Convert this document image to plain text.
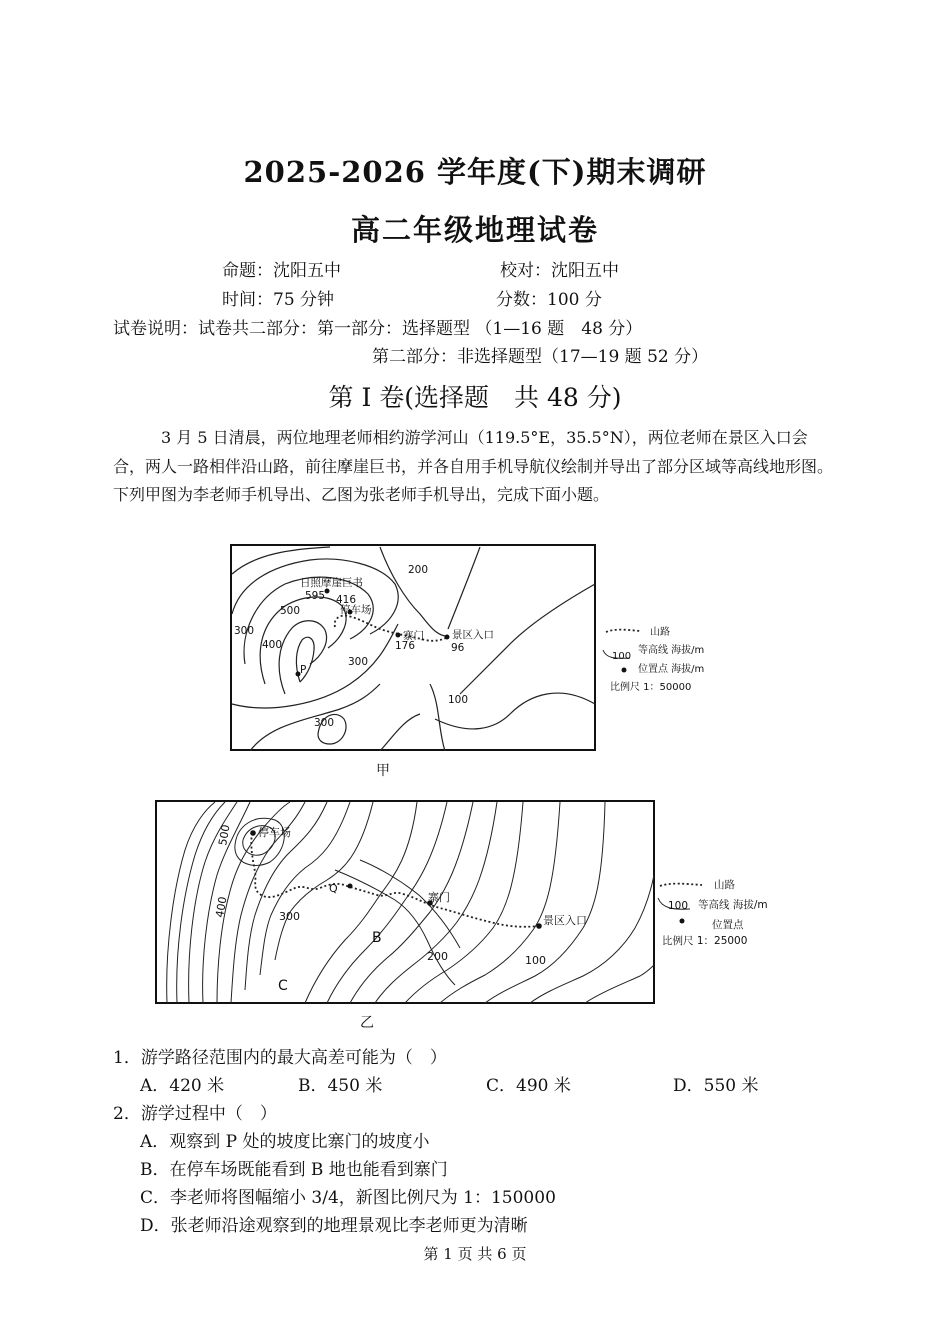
2025-2026 学年度(下)期末调研
高二年级地理试卷
命题：沈阳五中	校对：沈阳五中
时间：75 分钟	分数：100 分
试卷说明：试卷共二部分：第一部分：选择题型 （1—16 题　48 分）
第二部分：非选择题型（17—19 题 52 分）
第 I 卷(选择题　共 48 分)
3 月 5 日清晨，两位地理老师相约游学河山（119.5°E，35.5°N），两位老师在景区入口会合，两人一路相伴沿山路，前往摩崖巨书，并各自用手机导航仪绘制并导出了部分区域等高线地形图。下列甲图为李老师手机导出、乙图为张老师手机导出，完成下面小题。
日照摩崖巨书
595 416
停车场
寨门
176
景区入口
96
P
200
500
400
300
300
300
100
山路
100
等高线 海拔/m
位置点 海拔/m
比例尺 1：50000
甲
停车场
Q
寨门
景区入口
B
C
500
400	300
200	100
山路
100 等高线 海拔/m
位置点
比例尺 1：25000
乙
1．游学路径范围内的最大高差可能为（　）
A．420 米	B．450 米	C．490 米	D．550 米
2．游学过程中（　）
A．观察到 P 处的坡度比寨门的坡度小
B．在停车场既能看到 B 地也能看到寨门
C．李老师将图幅缩小 3/4，新图比例尺为 1：150000
D．张老师沿途观察到的地理景观比李老师更为清晰
第 1 页 共 6 页
